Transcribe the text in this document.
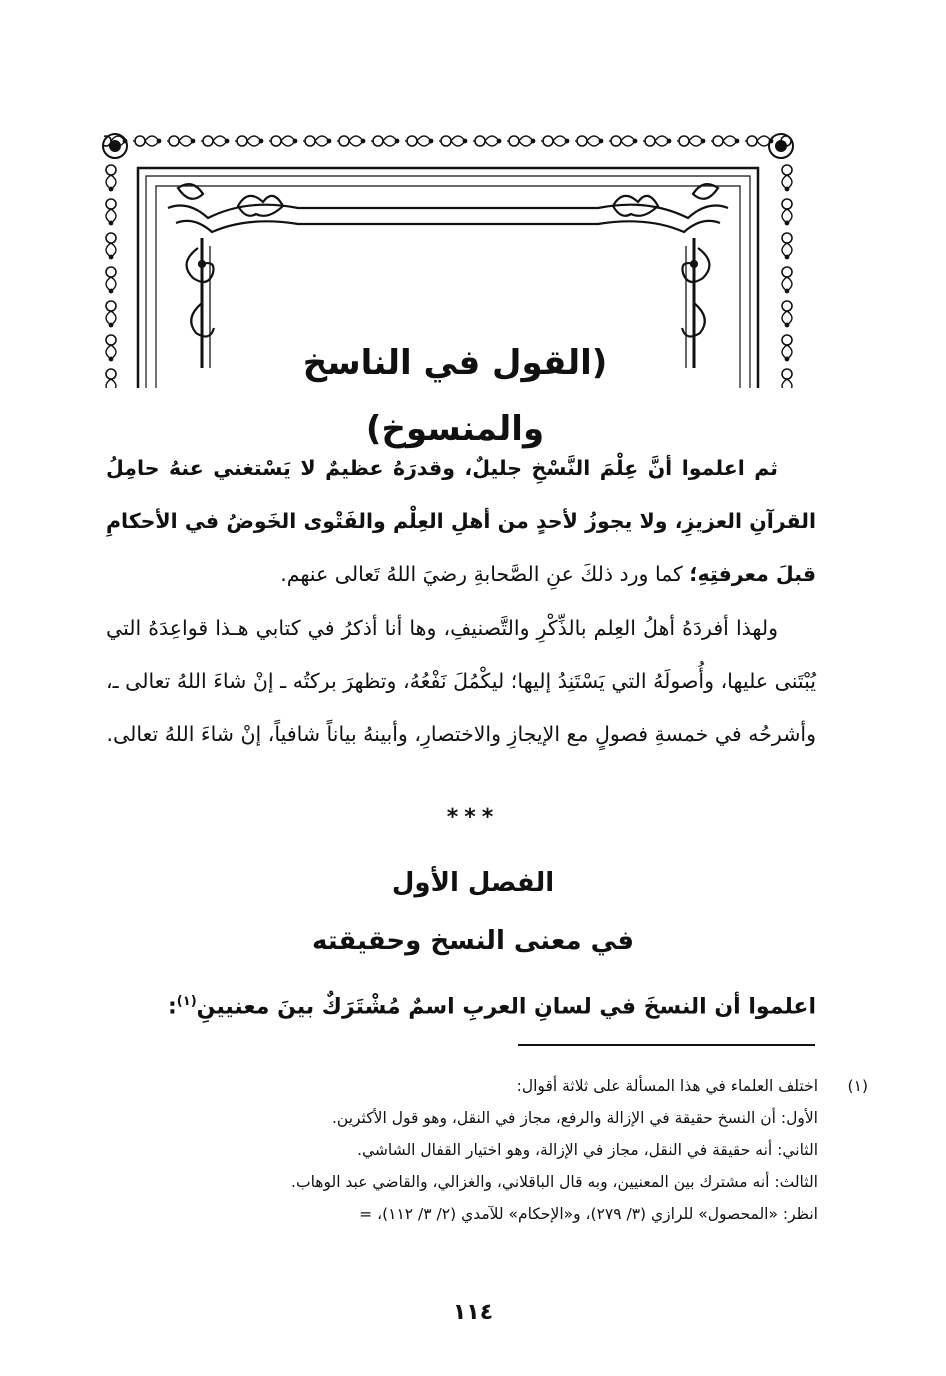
(القول في الناسخ والمنسوخ)

ثم اعلموا أنَّ عِلْمَ النَّسْخِ جليلٌ، وقدرَهُ عظيمٌ لا يَسْتغني عنهُ حامِلُ القرآنِ العزيزِ، ولا يجوزُ لأحدٍ من أهلِ العِلْم والفَتْوى الخَوضُ في الأحكامِ قبلَ معرفتِهِ؛ كما ورد ذلكَ عنِ الصَّحابةِ رضيَ اللهُ تَعالى عنهم.

ولهذا أفردَهُ أهلُ العِلم بالذِّكْرِ والتَّصنيفِ، وها أنا أذكرُ في كتابي هـذا قواعِدَهُ التي يُبْتَنى عليها، وأُصولَهُ التي يَسْتَنِدُ إليها؛ ليكْمُلَ نَفْعُهُ، وتظهرَ بركتُه ـ إنْ شاءَ اللهُ تعالى ـ، وأشرحُه في خمسةِ فصولٍ مع الإيجازِ والاختصارِ، وأبينهُ بياناً شافياً، إنْ شاءَ اللهُ تعالى.

***
الفصل الأول
في معنى النسخ وحقيقته
اعلموا أن النسخَ في لسانِ العربِ اسمٌ مُشْتَرَكٌ بينَ معنيينِ$^{(١)}$:
(١)
اختلف العلماء في هذا المسألة على ثلاثة أقوال:
الأول: أن النسخ حقيقة في الإزالة والرفع، مجاز في النقل، وهو قول الأكثرين.
الثاني: أنه حقيقة في النقل، مجاز في الإزالة، وهو اختيار القفال الشاشي.
الثالث: أنه مشترك بين المعنيين، وبه قال الباقلاني، والغزالي، والقاضي عبد الوهاب.
انظر: «المحصول» للرازي (٣/ ٢٧٩)، و«الإحكام» للآمدي (٢/ ٣/ ١١٢)، =
١١٤
